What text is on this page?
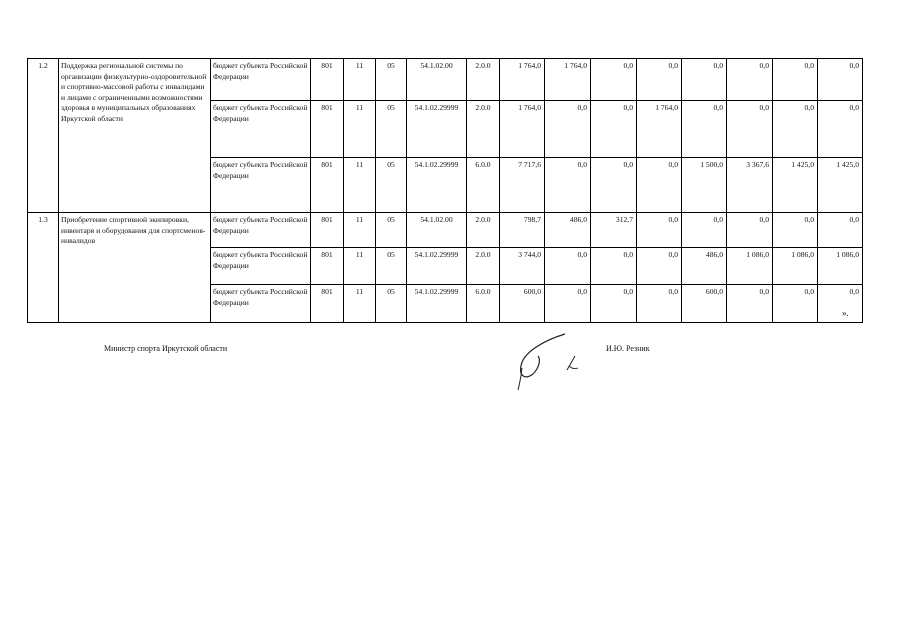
1.2	Поддержка региональной системы по организации физкультурно-оздоровительной и спортивно-массовой работы с инвалидами и лицами с ограниченными возможностями здоровья в муниципальных образованиях Иркутской области	бюджет субъекта Российской Федерации	801	11	05	54.1.02.00	2.0.0	1 764,0	1 764,0	0,0	0,0	0,0	0,0	0,0	0,0
		бюджет субъекта Российской Федерации	801	11	05	54.1.02.29999	2.0.0	1 764,0	0,0	0,0	1 764,0	0,0	0,0	0,0	0,0
		бюджет субъекта Российской Федерации	801	11	05	54.1.02.29999	6.0.0	7 717,6	0,0	0,0	0,0	1 500,0	3 367,6	1 425,0	1 425,0
1.3	Приобретение спортивной экипировки, инвентаря и оборудования для спортсменов-инвалидов	бюджет субъекта Российской Федерации	801	11	05	54.1.02.00	2.0.0	798,7	486,0	312,7	0,0	0,0	0,0	0,0	0,0
		бюджет субъекта Российской Федерации	801	11	05	54.1.02.29999	2.0.0	3 744,0	0,0	0,0	0,0	486,0	1 086,0	1 086,0	1 086,0
		бюджет субъекта Российской Федерации	801	11	05	54.1.02.29999	6.0.0	600,0	0,0	0,0	0,0	600,0	0,0	0,0	0,0
».
Министр спорта Иркутской области	И.Ю. Резник
